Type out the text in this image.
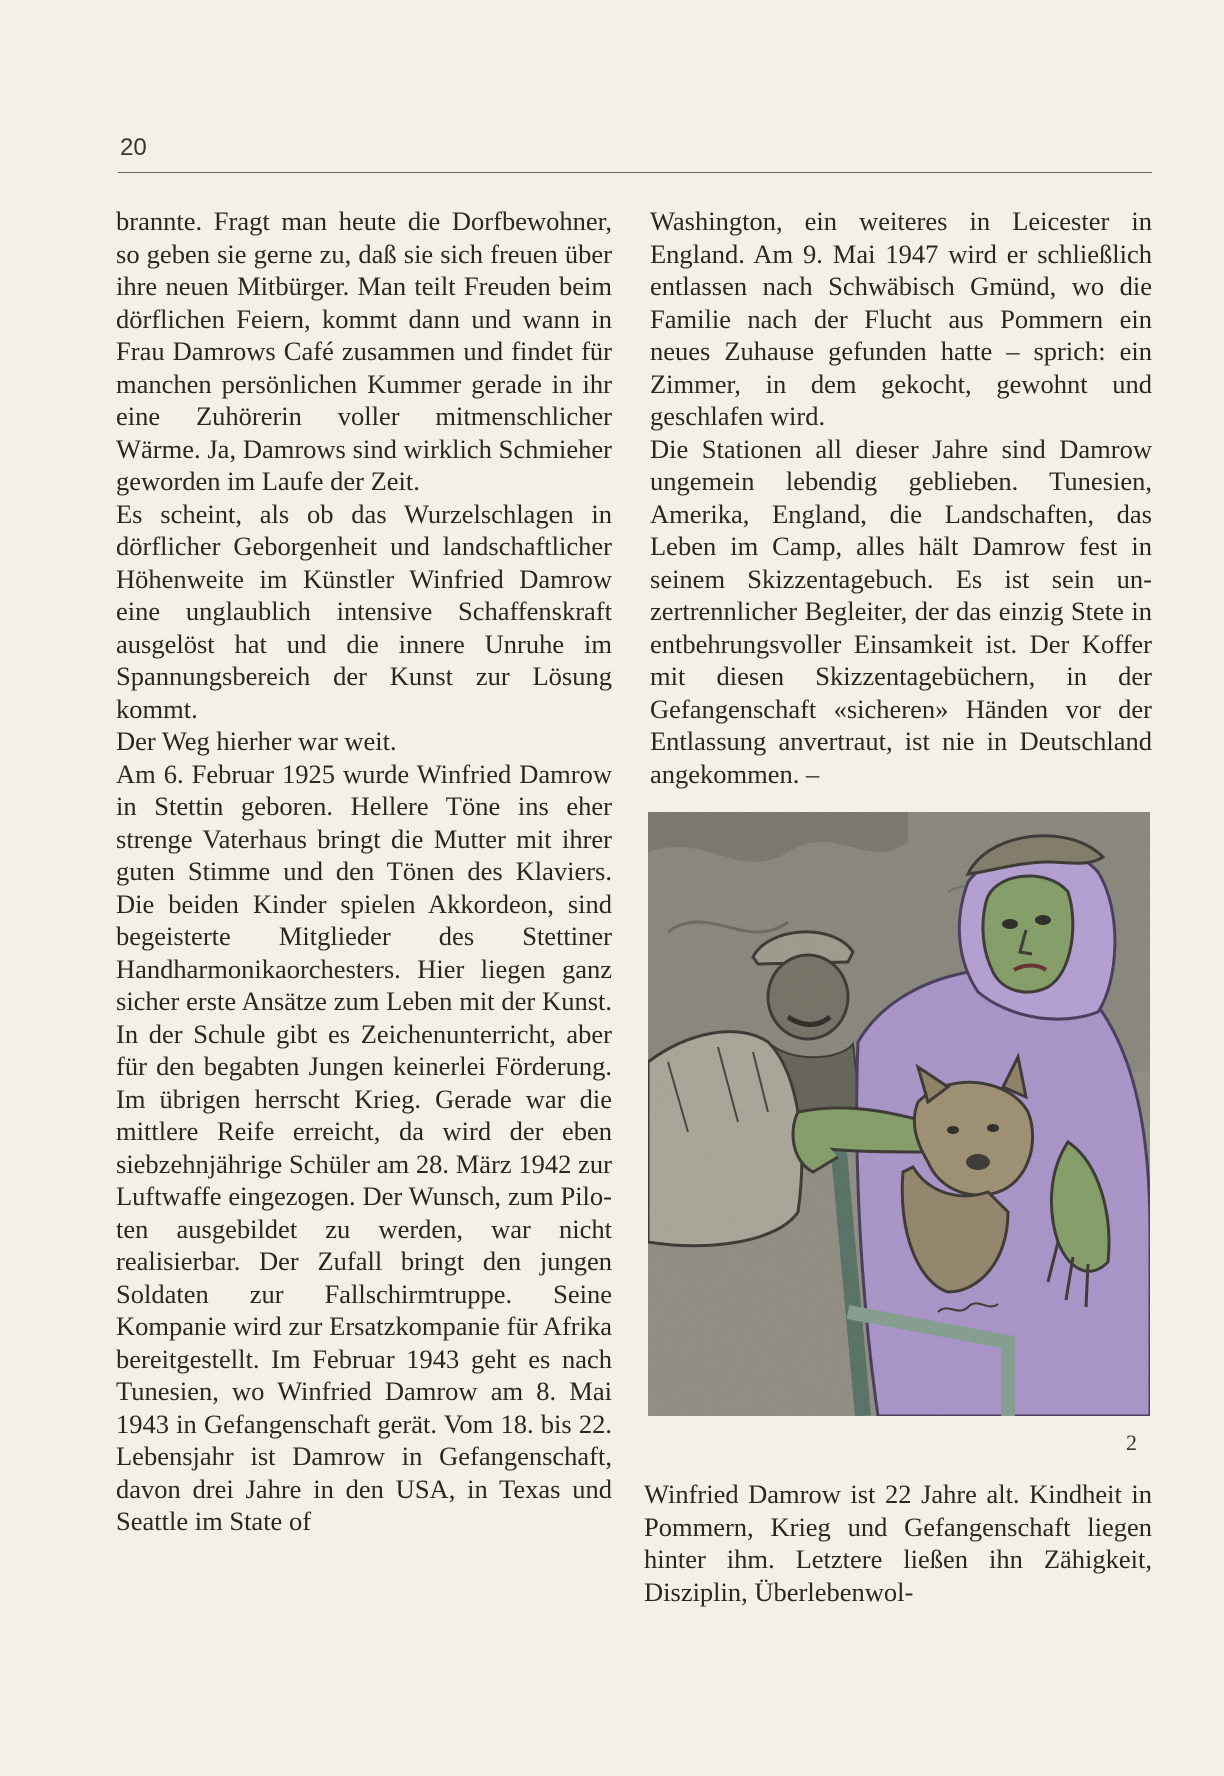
20

brannte. Fragt man heute die Dorfbewohner, so geben sie gerne zu, daß sie sich freuen über ihre neuen Mitbürger. Man teilt Freuden beim dörflichen Feiern, kommt dann und wann in Frau Damrows Café zusammen und findet für manchen persönlichen Kummer gerade in ihr eine Zuhörerin voller mitmenschlicher Wärme. Ja, Damrows sind wirklich Schmieher geworden im Laufe der Zeit.

Es scheint, als ob das Wurzelschlagen in dörflicher Geborgenheit und landschaftlicher Höhenweite im Künstler Winfried Damrow eine unglaublich intensive Schaffenskraft ausgelöst hat und die innere Unruhe im Spannungsbereich der Kunst zur Lösung kommt.

Der Weg hierher war weit.

Am 6. Februar 1925 wurde Winfried Damrow in Stettin geboren. Hellere Töne ins eher strenge Vaterhaus bringt die Mutter mit ihrer guten Stimme und den Tönen des Klaviers. Die beiden Kinder spielen Akkordeon, sind begeisterte Mitglieder des Stettiner Handharmonikaorchesters. Hier liegen ganz sicher erste Ansätze zum Leben mit der Kunst. In der Schule gibt es Zeichenunterricht, aber für den begabten Jungen keinerlei Förderung. Im übrigen herrscht Krieg. Gerade war die mittlere Reife erreicht, da wird der eben siebzehnjährige Schüler am 28. März 1942 zur Luftwaffe eingezogen. Der Wunsch, zum Piloten ausgebildet zu werden, war nicht realisierbar. Der Zufall bringt den jungen Soldaten zur Fallschirmtruppe. Seine Kompanie wird zur Ersatzkompanie für Afrika bereitgestellt. Im Februar 1943 geht es nach Tunesien, wo Winfried Damrow am 8. Mai 1943 in Gefangenschaft gerät. Vom 18. bis 22. Lebensjahr ist Damrow in Gefangenschaft, davon drei Jahre in den USA, in Texas und Seattle im State of

Washington, ein weiteres in Leicester in England. Am 9. Mai 1947 wird er schließlich entlassen nach Schwäbisch Gmünd, wo die Familie nach der Flucht aus Pommern ein neues Zuhause gefunden hatte – sprich: ein Zimmer, in dem gekocht, gewohnt und geschlafen wird.

Die Stationen all dieser Jahre sind Damrow ungemein lebendig geblieben. Tunesien, Amerika, England, die Landschaften, das Leben im Camp, alles hält Damrow fest in seinem Skizzentagebuch. Es ist sein unzertrennlicher Begleiter, der das einzig Stete in entbehrungsvoller Einsamkeit ist. Der Koffer mit diesen Skizzentagebüchern, in der Gefangenschaft «sicheren» Händen vor der Entlassung anvertraut, ist nie in Deutschland angekommen. –

2

Winfried Damrow ist 22 Jahre alt. Kindheit in Pommern, Krieg und Gefangenschaft liegen hinter ihm. Letztere ließen ihn Zähigkeit, Disziplin, Überlebenwol-
